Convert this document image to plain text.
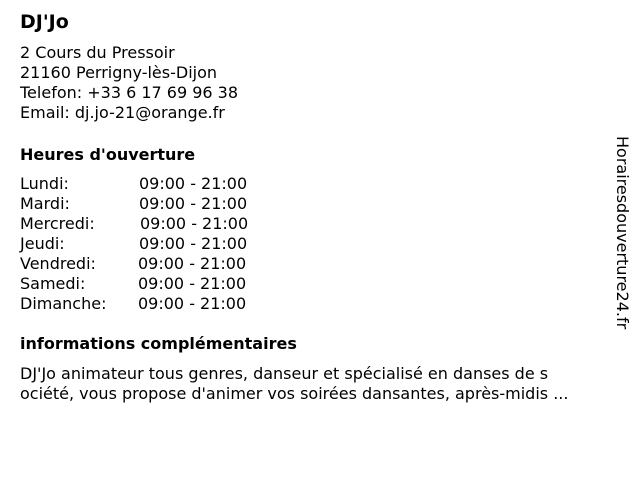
DJ'Jo
2 Cours du Pressoir
21160 Perrigny-lès-Dijon
Telefon: +33 6 17 69 96 38
Email: dj.jo-21@orange.fr
Heures d'ouverture
Lundi:	09:00 - 21:00
Mardi:	09:00 - 21:00
Mercredi:	09:00 - 21:00
Jeudi:	09:00 - 21:00
Vendredi:	09:00 - 21:00
Samedi:	09:00 - 21:00
Dimanche: 09:00 - 21:00
informations complémentaires
DJ'Jo animateur tous genres, danseur et spécialisé en danses de s
ociété, vous propose d'animer vos soirées dansantes, après-midis ...
Horairesdouverture24.fr
